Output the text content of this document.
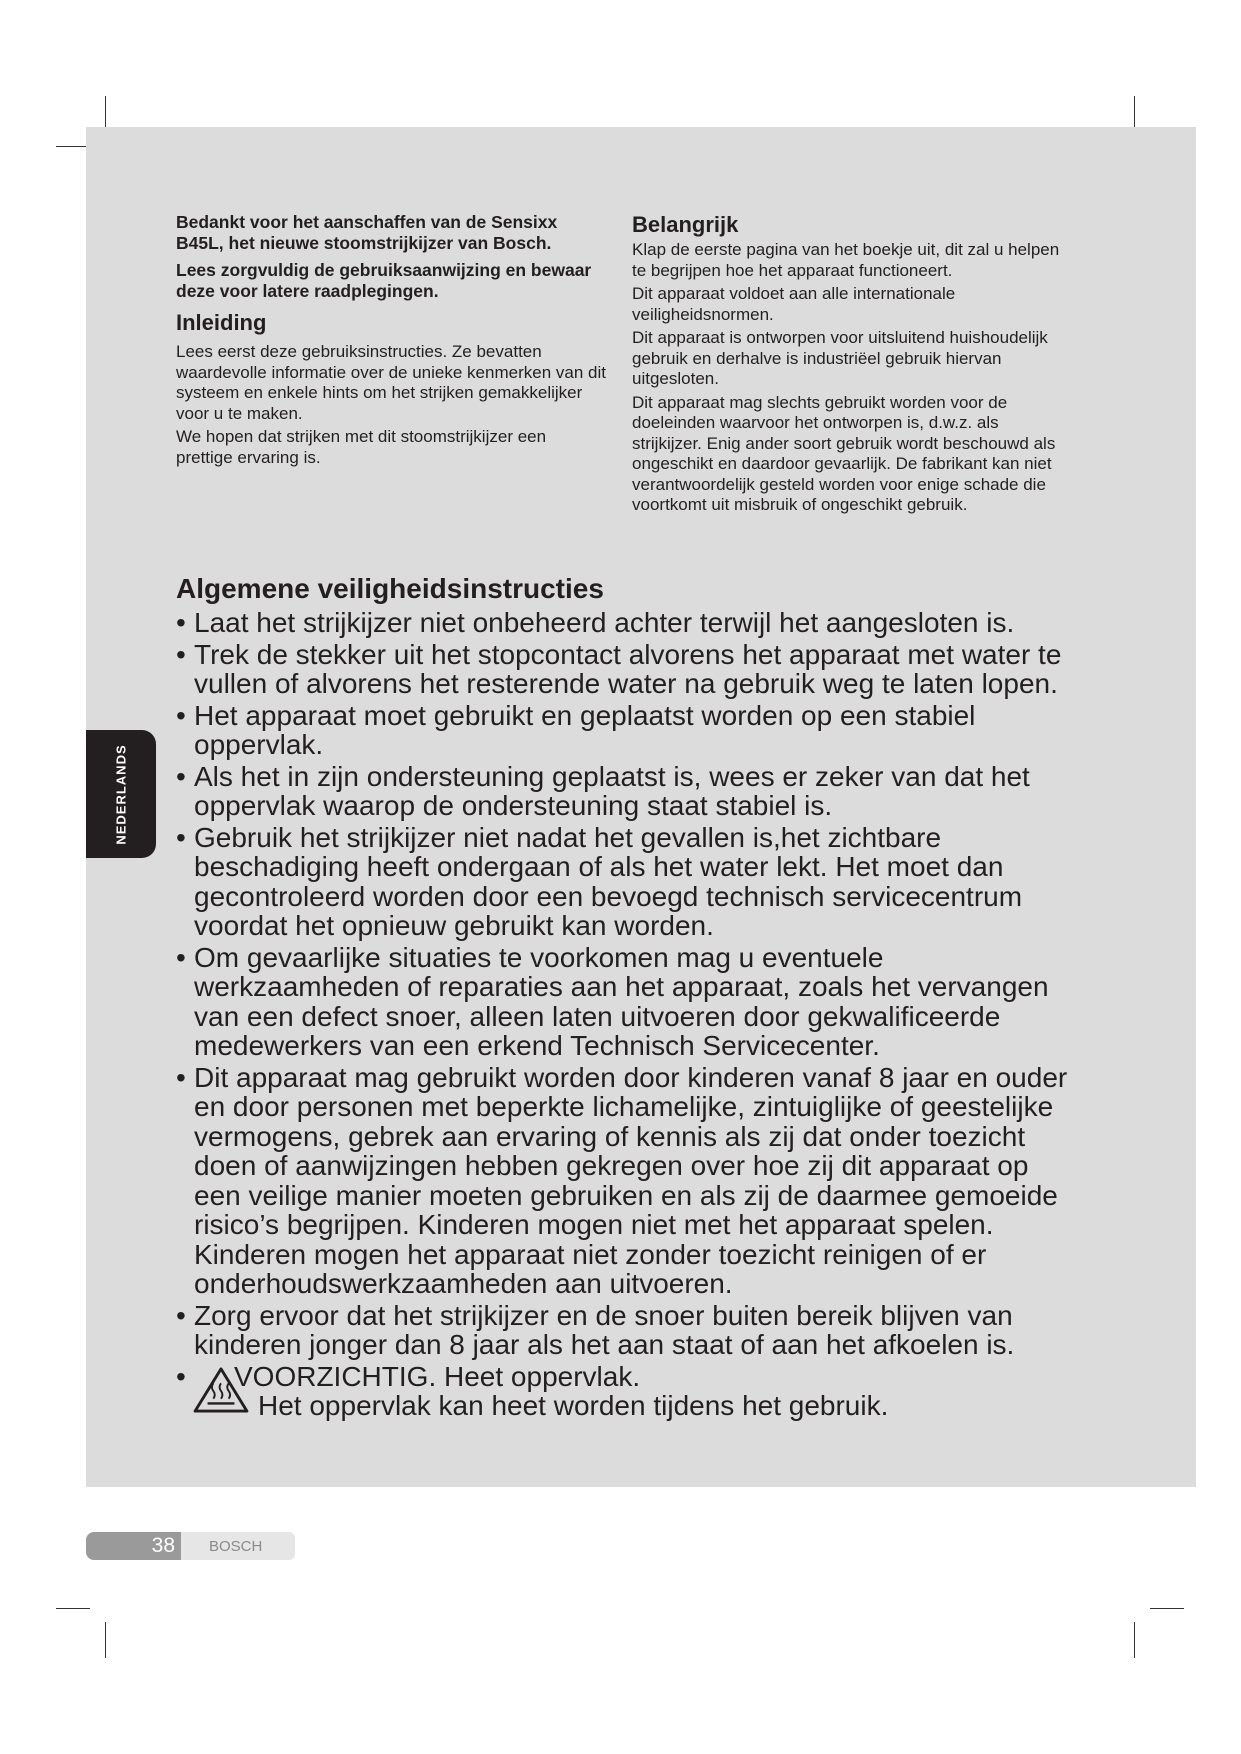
NEDERLANDS

Bedankt voor het aanschaffen van de Sensixx B45L, het nieuwe stoomstrijkijzer van Bosch.

Lees zorgvuldig de gebruiksaanwijzing en bewaar deze voor latere raadplegingen.

Inleiding

Lees eerst deze gebruiksinstructies. Ze bevatten waardevolle informatie over de unieke kenmerken van dit systeem en enkele hints om het strijken gemakkelijker voor u te maken.

We hopen dat strijken met dit stoomstrijkijzer een prettige ervaring is.

Belangrijk

Klap de eerste pagina van het boekje uit, dit zal u helpen te begrijpen hoe het apparaat functioneert.

Dit apparaat voldoet aan alle internationale veiligheidsnormen.

Dit apparaat is ontworpen voor uitsluitend huishoudelijk gebruik en derhalve is industriëel gebruik hiervan uitgesloten.

Dit apparaat mag slechts gebruikt worden voor de doeleinden waarvoor het ontworpen is, d.w.z. als strijkijzer. Enig ander soort gebruik wordt beschouwd als ongeschikt en daardoor gevaarlijk. De fabrikant kan niet verantwoordelijk gesteld worden voor enige schade die voortkomt uit misbruik of ongeschikt gebruik.

Algemene veiligheidsinstructies
• Laat het strijkijzer niet onbeheerd achter terwijl het aangesloten is.
• Trek de stekker uit het stopcontact alvorens het apparaat met water te vullen of alvorens het resterende water na gebruik weg te laten lopen.
• Het apparaat moet gebruikt en geplaatst worden op een stabiel oppervlak.
• Als het in zijn ondersteuning geplaatst is, wees er zeker van dat het oppervlak waarop de ondersteuning staat stabiel is.
• Gebruik het strijkijzer niet nadat het gevallen is,het zichtbare beschadiging heeft ondergaan of als het water lekt. Het moet dan gecontroleerd worden door een bevoegd technisch servicecentrum voordat het opnieuw gebruikt kan worden.
• Om gevaarlijke situaties te voorkomen mag u eventuele werkzaamheden of reparaties aan het apparaat, zoals het vervangen van een defect snoer, alleen laten uitvoeren door gekwalificeerde medewerkers van een erkend Technisch Servicecenter.
• Dit apparaat mag gebruikt worden door kinderen vanaf 8 jaar en ouder en door personen met beperkte lichamelijke, zintuiglijke of geestelijke vermogens, gebrek aan ervaring of kennis als zij dat onder toezicht doen of aanwijzingen hebben gekregen over hoe zij dit apparaat op een veilige manier moeten gebruiken en als zij de daarmee gemoeide risico’s begrijpen. Kinderen mogen niet met het apparaat spelen. Kinderen mogen het apparaat niet zonder toezicht reinigen of er onderhoudswerkzaamheden aan uitvoeren.
• Zorg ervoor dat het strijkijzer en de snoer buiten bereik blijven van kinderen jonger dan 8 jaar als het aan staat of aan het afkoelen is.
•	VOORZICHTIG. Heet oppervlak.
Het oppervlak kan heet worden tijdens het gebruik.
38	BOSCH
